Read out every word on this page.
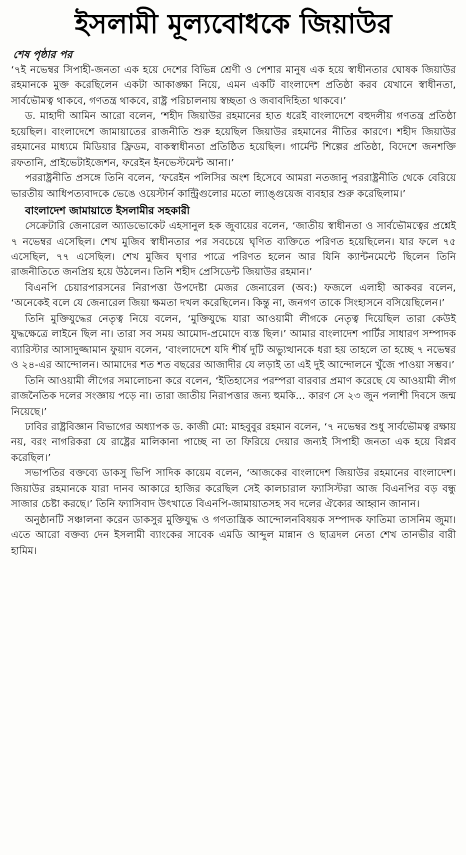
ইসলামী মূল্যবোধকে জিয়াউর
শেষ পৃষ্ঠার পর

‘৭ই নভেম্বর সিপাহী-জনতা এক হয়ে দেশের বিভিন্ন শ্রেণী ও পেশার মানুষ এক হয়ে স্বাধীনতার ঘোষক জিয়াউর রহমানকে মুক্ত করেছিলেন একটা আকাঙ্ক্ষা নিয়ে, এমন একটি বাংলাদেশ প্রতিষ্ঠা করব যেখানে স্বাধীনতা, সার্বভৌমত্ব থাকবে, গণতন্ত্র থাকবে, রাষ্ট্র পরিচালনায় স্বচ্ছতা ও জবাবদিহিতা থাকবে।’

ড. মাহাদী আমিন আরো বলেন, ‘শহীদ জিয়াউর রহমানের হাত ধরেই বাংলাদেশে বহুদলীয় গণতন্ত্র প্রতিষ্ঠা হয়েছিল। বাংলাদেশে জামায়াতের রাজনীতি শুরু হয়েছিল জিয়াউর রহমানের নীতির কারণে। শহীদ জিয়াউর রহমানের মাধ্যমে মিডিয়ার ফ্রিডম, বাকস্বাধীনতা প্রতিষ্ঠিত হয়েছিল। গার্মেন্ট শিল্পের প্রতিষ্ঠা, বিদেশে জনশক্তি রফতানি, প্রাইভেটাইজেশন, ফরেইন ইনভেস্টমেন্ট আনা।’

পররাষ্ট্রনীতি প্রসঙ্গে তিনি বলেন, ‘ফরেইন পলিসির অংশ হিসেবে আমরা নতজানু পররাষ্ট্রনীতি থেকে বেরিয়ে ভারতীয় আধিপত্যবাদকে ভেঙে ওয়েস্টার্ন কান্ট্রিগুলোর মতো ল্যাঙ্গুয়েজ ব্যবহার শুরু করেছিলাম।’

বাংলাদেশ জামায়াতে ইসলামীর সহকারী

সেক্রেটারি জেনারেল অ্যাডভোকেট এহসানুল হক জুবায়ের বলেন, ‘জাতীয় স্বাধীনতা ও সার্বভৌমত্বের প্রশ্নেই ৭ নভেম্বর এসেছিল। শেখ মুজিব স্বাধীনতার পর সবচেয়ে ঘৃণিত ব্যক্তিতে পরিণত হয়েছিলেন। যার ফলে ৭৫ এসেছিল, ৭৭ এসেছিল। শেখ মুজিব ঘৃণার পাত্রে পরিণত হলেন আর যিনি ক্যান্টনমেন্টে ছিলেন তিনি রাজনীতিতে জনপ্রিয় হয়ে উঠলেন। তিনি শহীদ প্রেসিডেন্ট জিয়াউর রহমান।’

বিএনপি চেয়ারপারসনের নিরাপত্তা উপদেষ্টা মেজর জেনারেল (অব:) ফজলে এলাহী আকবর বলেন, ‘অনেকেই বলে যে জেনারেল জিয়া ক্ষমতা দখল করেছিলেন। কিন্তু না, জনগণ তাকে সিংহাসনে বসিয়েছিলেন।’

তিনি মুক্তিযুদ্ধের নেতৃত্ব নিয়ে বলেন, ‘মুক্তিযুদ্ধে যারা আওয়ামী লীগকে নেতৃত্ব দিয়েছিল তারা কেউই যুদ্ধক্ষেত্রে লাইনে ছিল না। তারা সব সময় আমোদ-প্রমোদে ব্যস্ত ছিল।’ আমার বাংলাদেশ পার্টির সাধারণ সম্পাদক ব্যারিস্টার আসাদুজ্জামান ফুয়াদ বলেন, ‘বাংলাদেশে যদি শীর্ষ দুটি অভ্যুত্থানকে ধরা হয় তাহলে তা হচ্ছে ৭ নভেম্বর ও ২৪-এর আন্দোলন। আমাদের শত শত বছরের আজাদীর যে লড়াই তা এই দুই আন্দোলনে খুঁজে পাওয়া সম্ভব।’

তিনি আওয়ামী লীগের সমালোচনা করে বলেন, ‘ইতিহাসের পরম্পরা বারবার প্রমাণ করেছে যে আওয়ামী লীগ রাজনৈতিক দলের সংজ্ঞায় পড়ে না। তারা জাতীয় নিরাপত্তার জন্য হুমকি... কারণ সে ২৩ জুন পলাশী দিবসে জন্ম নিয়েছে।’

ঢাবির রাষ্ট্রবিজ্ঞান বিভাগের অধ্যাপক ড. কাজী মো: মাহবুবুর রহমান বলেন, ‘৭ নভেম্বর শুধু সার্বভৌমত্ব রক্ষায় নয়, বরং নাগরিকরা যে রাষ্ট্রের মালিকানা পাচ্ছে না তা ফিরিয়ে দেয়ার জন্যই সিপাহী জনতা এক হয়ে বিপ্লব করেছিল।’

সভাপতির বক্তব্যে ডাকসু ভিপি সাদিক কায়েম বলেন, ‘আজকের বাংলাদেশ জিয়াউর রহমানের বাংলাদেশ। জিয়াউর রহমানকে যারা দানব আকারে হাজির করেছিল সেই কালচারাল ফ্যাসিস্টরা আজ বিএনপির বড় বন্ধু সাজার চেষ্টা করছে।’ তিনি ফ্যাসিবাদ উৎখাতে বিএনপি-জামায়াতসহ সব দলের ঐক্যের আহ্বান জানান।

অনুষ্ঠানটি সঞ্চালনা করেন ডাকসুর মুক্তিযুদ্ধ ও গণতান্ত্রিক আন্দোলনবিষয়ক সম্পাদক ফাতিমা তাসনিম জুমা। এতে আরো বক্তব্য দেন ইসলামী ব্যাংকের সাবেক এমডি আব্দুল মান্নান ও ছাত্রদল নেতা শেখ তানভীর বারী হামিম।
